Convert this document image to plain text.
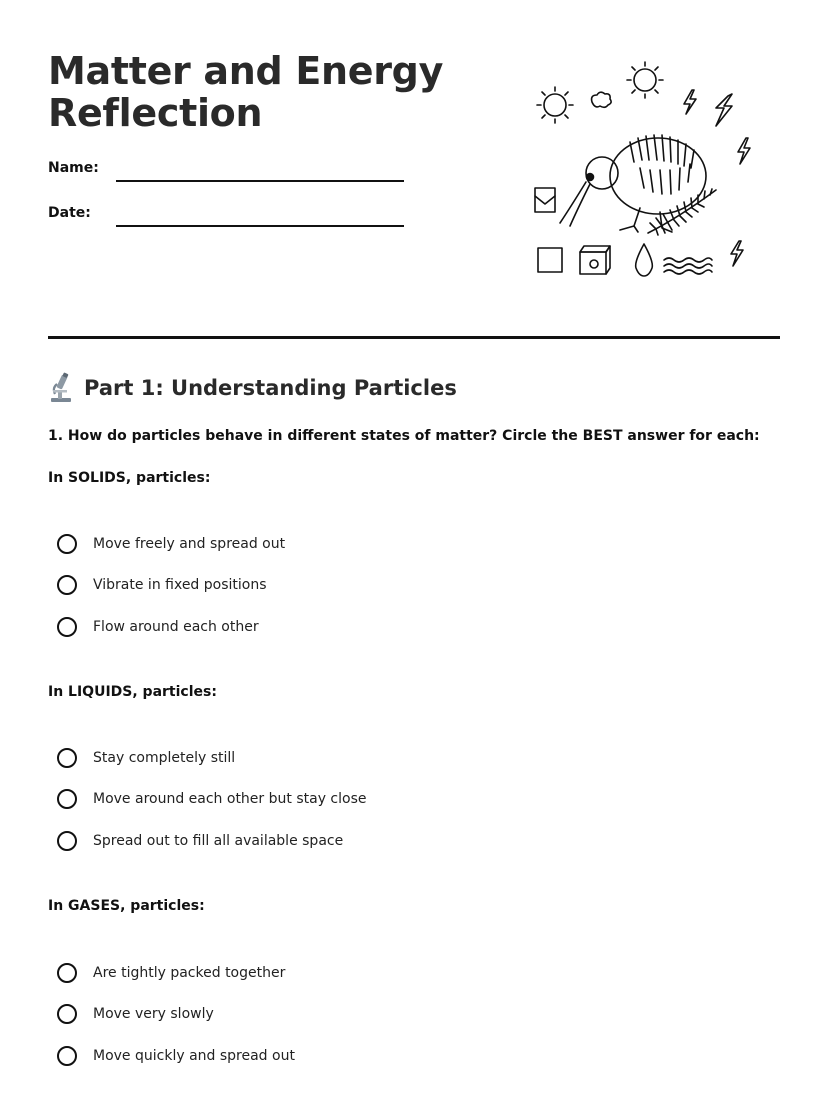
Matter and Energy
Reflection
Name:
Date:
Part 1: Understanding Particles
1. How do particles behave in different states of matter? Circle the BEST answer for each:
In SOLIDS, particles:
Move freely and spread out
Vibrate in fixed positions
Flow around each other
In LIQUIDS, particles:
Stay completely still
Move around each other but stay close
Spread out to fill all available space
In GASES, particles:
Are tightly packed together
Move very slowly
Move quickly and spread out
